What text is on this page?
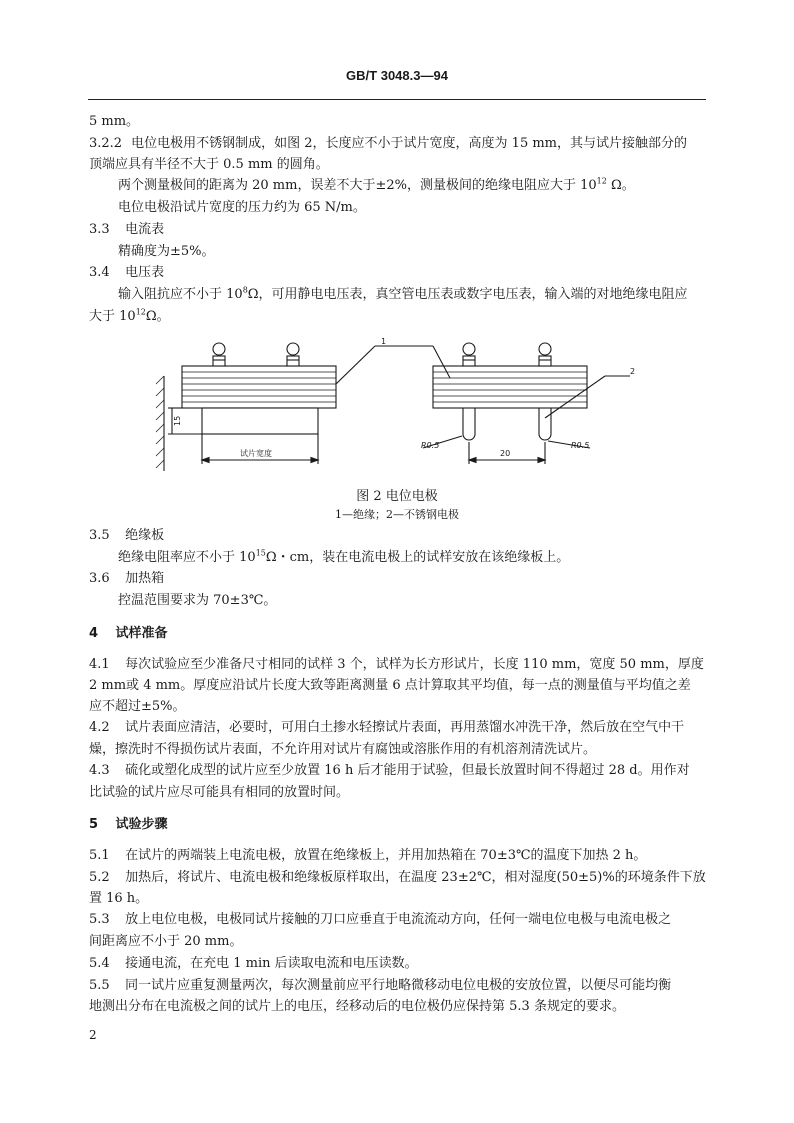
GB/T 3048.3—94
5 mm。
3.2.2 电位电极用不锈钢制成，如图 2，长度应不小于试片宽度，高度为 15 mm，其与试片接触部分的
顶端应具有半径不大于 0.5 mm 的圆角。
两个测量极间的距离为 20 mm，误差不大于±2%，测量极间的绝缘电阻应大于 $10^{12}$ Ω。
电位电极沿试片宽度的压力约为 65 N/m。
3.3 电流表
精确度为±5%。
3.4 电压表
输入阻抗应不小于 $10^8\Omega$，可用静电电压表，真空管电压表或数字电压表，输入端的对地绝缘电阻应
大于 $10^{12}\Omega$。
1
2
15
试片宽度	20
R0.5	R0.5
图 2 电位电极
1—绝缘；2—不锈钢电极
3.5 绝缘板
绝缘电阻率应不小于 $10^{15}\Omega$・cm，装在电流电极上的试样安放在该绝缘板上。
3.6 加热箱
控温范围要求为 70±3℃。
4 试样准备
4.1 每次试验应至少准备尺寸相同的试样 3 个，试样为长方形试片，长度 110 mm，宽度 50 mm，厚度
2 mm或 4 mm。厚度应沿试片长度大致等距离测量 6 点计算取其平均值，每一点的测量值与平均值之差
应不超过±5%。
4.2 试片表面应清洁，必要时，可用白土掺水轻擦试片表面，再用蒸馏水冲洗干净，然后放在空气中干
燥，擦洗时不得损伤试片表面，不允许用对试片有腐蚀或溶胀作用的有机溶剂清洗试片。
4.3 硫化或塑化成型的试片应至少放置 16 h 后才能用于试验，但最长放置时间不得超过 28 d。用作对
比试验的试片应尽可能具有相同的放置时间。
5 试验步骤
5.1 在试片的两端装上电流电极，放置在绝缘板上，并用加热箱在 70±3℃的温度下加热 2 h。
5.2 加热后，将试片、电流电极和绝缘板原样取出，在温度 23±2℃，相对湿度(50±5)%的环境条件下放
置 16 h。
5.3 放上电位电极，电极同试片接触的刀口应垂直于电流流动方向，任何一端电位电极与电流电极之
间距离应不小于 20 mm。
5.4 接通电流，在充电 1 min 后读取电流和电压读数。
5.5 同一试片应重复测量两次，每次测量前应平行地略微移动电位电极的安放位置，以便尽可能均衡
地测出分布在电流极之间的试片上的电压，经移动后的电位极仍应保持第 5.3 条规定的要求。
2
